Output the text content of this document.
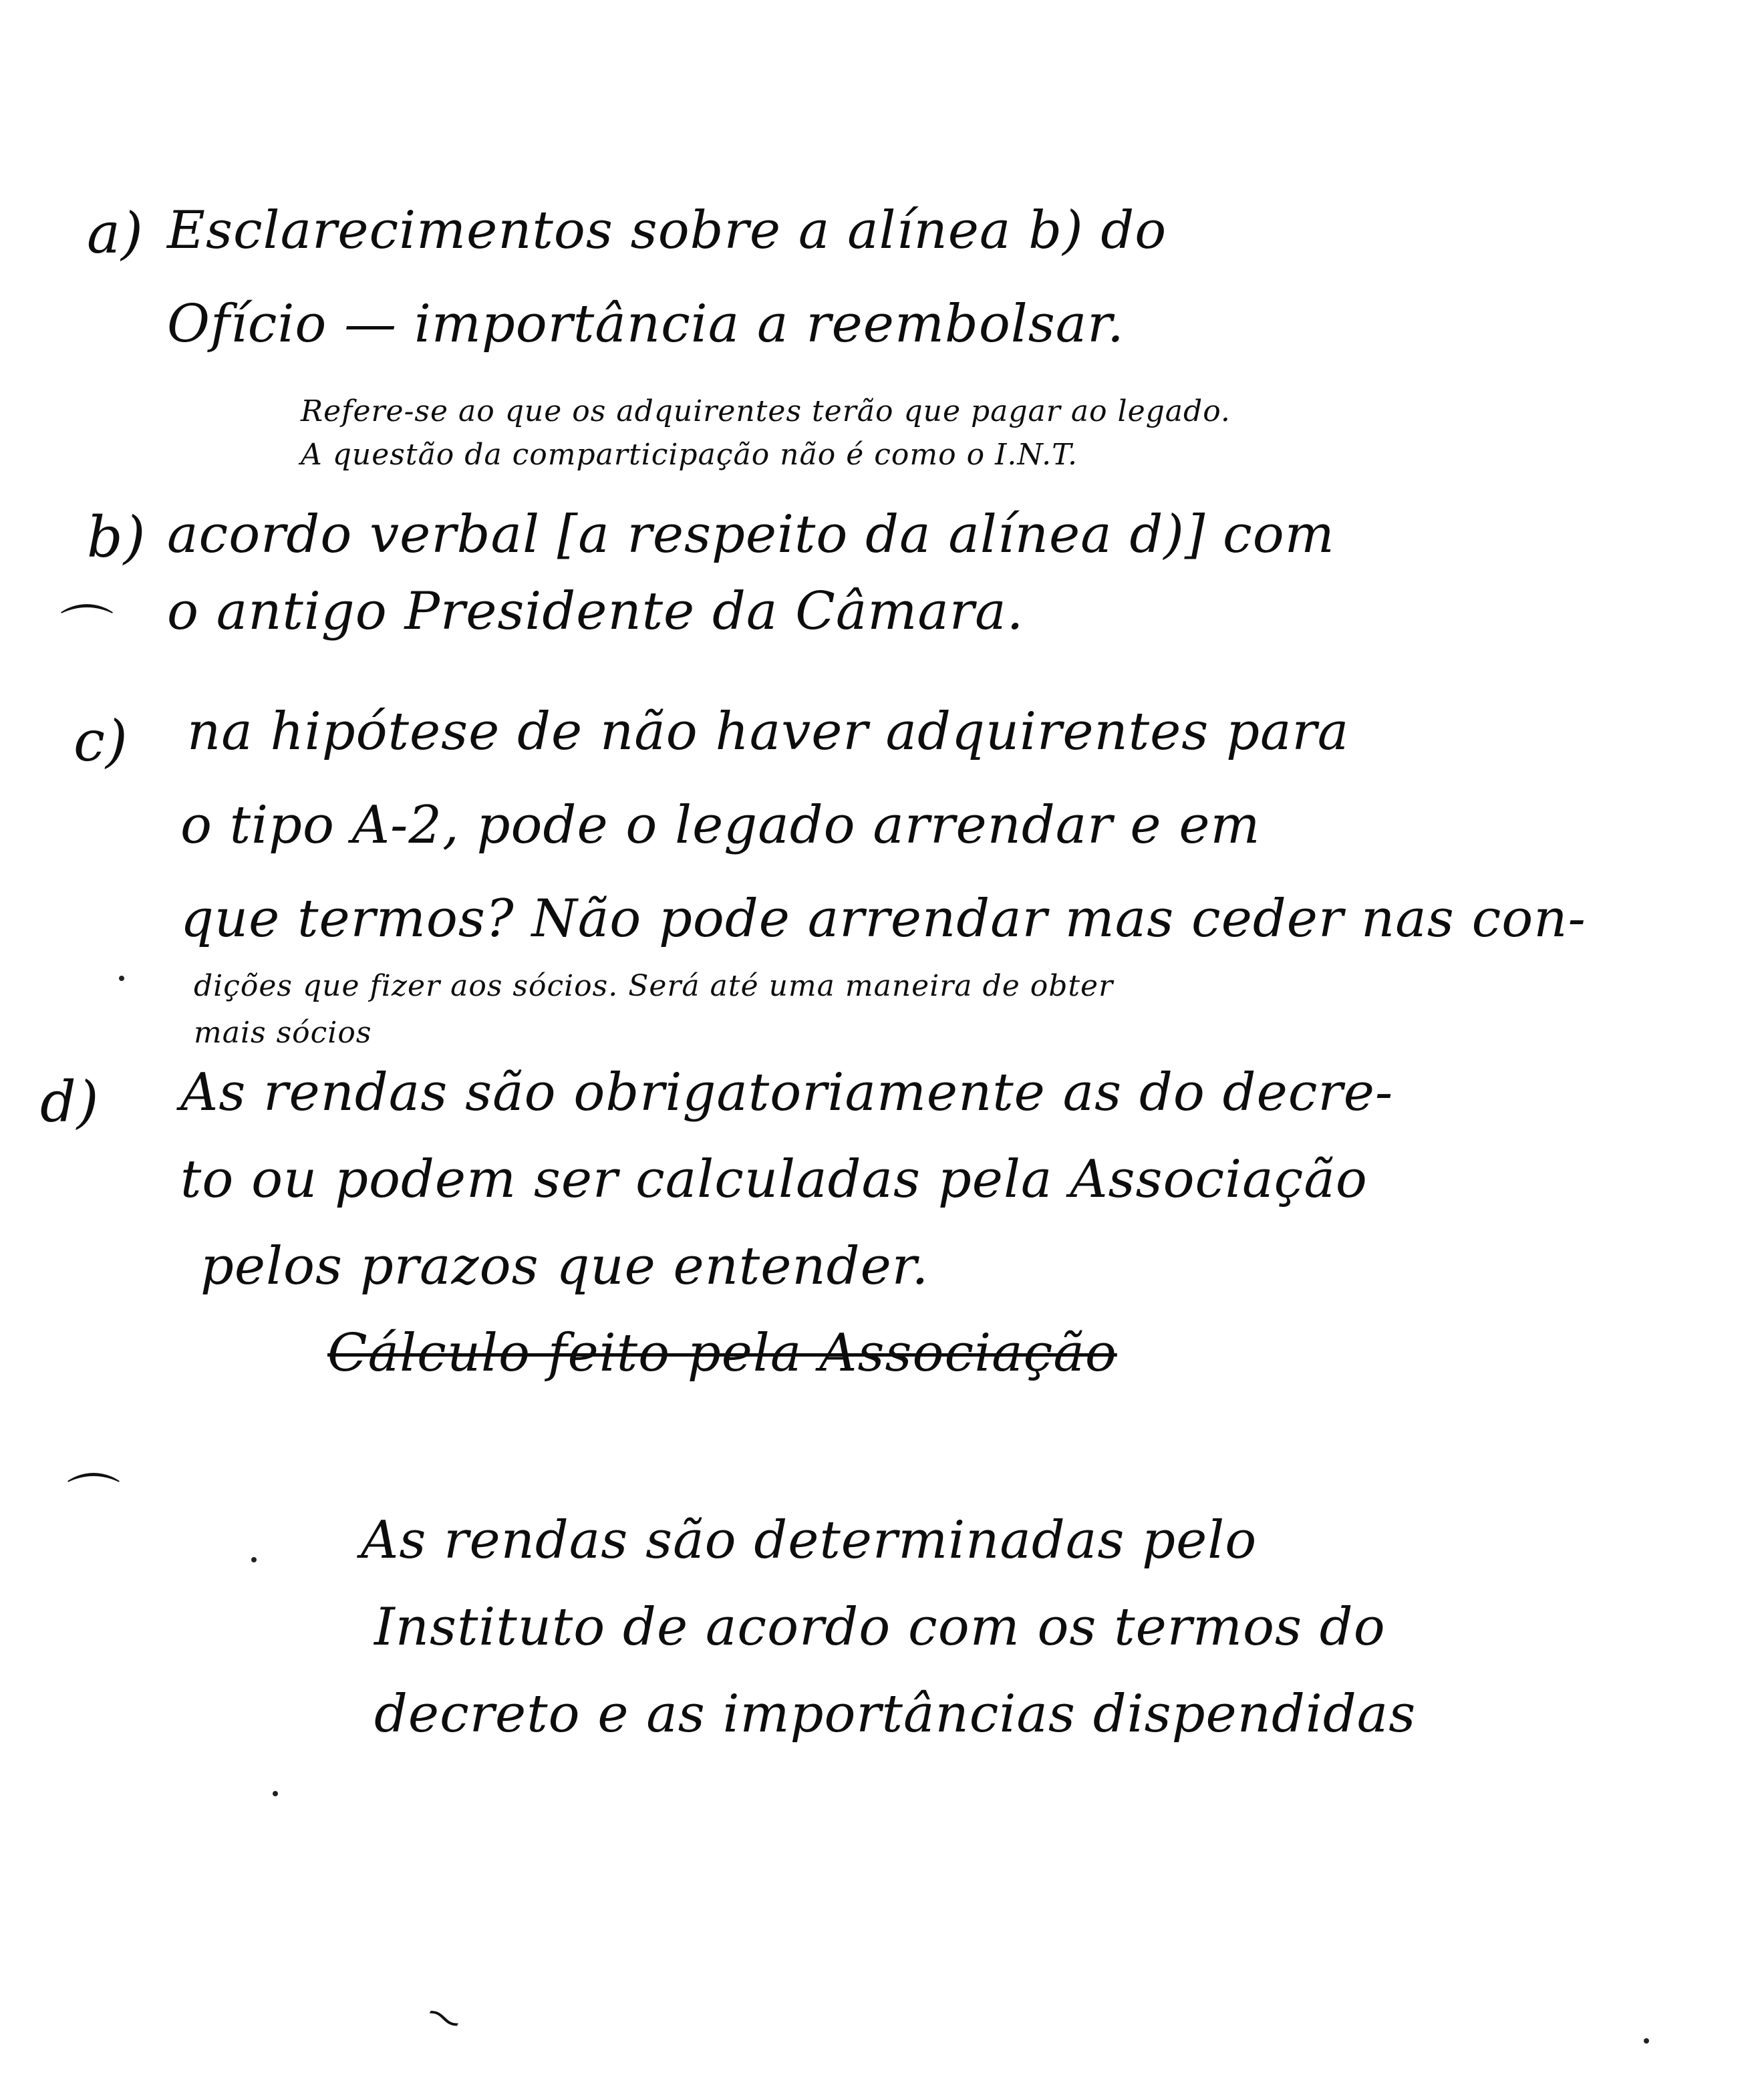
a) Esclarecimentos sobre a alínea b) do
Ofício — importância a reembolsar.
Refere-se ao que os adquirentes terão que pagar ao legado.
A questão da comparticipação não é como o I.N.T.
b) acordo verbal [a respeito da alínea d)] com
o antigo Presidente da Câmara.
⌒
c) na hipótese de não haver adquirentes para
o tipo A-2, pode o legado arrendar e em
que termos? Não pode arrendar mas ceder nas con-
dições que fizer aos sócios. Será até uma maneira de obter
mais sócios
d) As rendas são obrigatoriamente as do decre-
to ou podem ser calculadas pela Associação
pelos prazos que entender.
Cálculo feito pela Associação
⌒
As rendas são determinadas pelo
Instituto de acordo com os termos do
decreto e as importâncias dispendidas
⁓
